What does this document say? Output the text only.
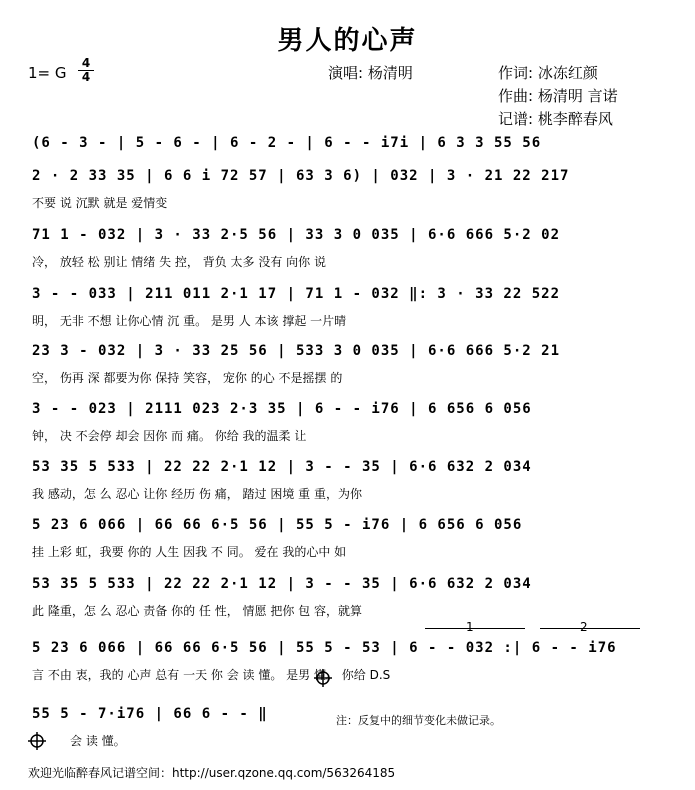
男人的心声
1= G
4
4	演唱: 杨清明	作词: 冰冻红颜
作曲: 杨清明 言诺
记谱: 桃李醉春风
(6 - 3 - | 5 - 6 - | 6 - 2 - | 6 - - i7i | 6 3 3 55 56
2 · 2 33 35 | 6 6 i 72 57 | 63 3 6) | 032 | 3 · 21 22 217
不要 说 沉默 就是 爱情变
71 1 - 032 | 3 · 33 2·5 56 | 33 3 0 035 | 6·6 666 5·2 02
冷， 放轻 松 别让 情绪 失 控， 背负 太多 没有 向你 说
3 - - 033 | 211 011 2·1 17 | 71 1 - 032 ‖: 3 · 33 22 522
明， 无非 不想 让你心情 沉 重。 是男 人 本该 撑起 一片晴
23 3 - 032 | 3 · 33 25 56 | 533 3 0 035 | 6·6 666 5·2 21
空， 伤再 深 都要为你 保持 笑容， 宠你 的心 不是摇摆 的
3 - - 023 | 2111 023 2·3 35 | 6 - - i76 | 6 656 6 056
钟， 决 不会停 却会 因你 而 痛。 你给 我的温柔 让
53 35 5 533 | 22 22 2·1 12 | 3 - - 35 | 6·6 632 2 034
我 感动，怎 么 忍心 让你 经历 伤 痛， 踏过 困境 重 重，为你
5 23 6 066 | 66 66 6·5 56 | 55 5 - i76 | 6 656 6 056
挂 上彩 虹，我要 你的 人生 因我 不 同。 爱在 我的心中 如
53 35 5 533 | 22 22 2·1 12 | 3 - - 35 | 6·6 632 2 034
此 隆重，怎 么 忍心 责备 你的 任 性， 情愿 把你 包 容，就算
5 23 6 066 | 66 66 6·5 56 | 55 5 - 53 | 6 - - 032 :| 6 - - i76
言 不由 衷，我的 心声 总有 一天 你 会 读 懂。 是男 懂。 你给 D.S
55 5 - 7·i76 | 66 6 - - ‖
会 读 懂。
1	2
注：反复中的细节变化未做记录。
欢迎光临醉春风记谱空间：http://user.qzone.qq.com/563264185
